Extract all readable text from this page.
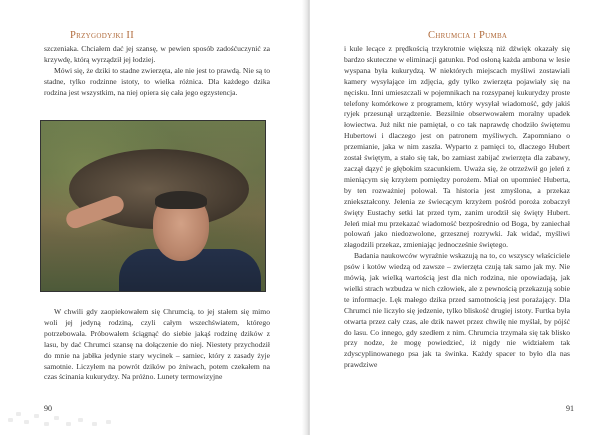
Przygodyjki II

szczeniaka. Chciałem dać jej szansę, w pewien sposób zadośćuczynić za krzywdę, którą wyrządził jej łodziej.

Mówi się, że dziki to stadne zwierzęta, ale nie jest to prawdą. Nie są to stadne, tylko rodzinne istoty, to wielka różnica. Dla każdego dzika rodzina jest wszystkim, na niej opiera się cała jego egzystencja.

W chwili gdy zaopiekowałem się Chrumcią, to jej stałem się mimo woli jej jedyną rodziną, czyli całym wszechświatem, którego potrzebowała. Próbowałem ściągnąć do siebie jakąś rodzinę dzików z lasu, by dać Chrumci szansę na dołączenie do niej. Niestety przychodził do mnie na jabłka jedynie stary wycinek – samiec, który z zasady żyje samotnie. Liczyłem na powrót dzików po żniwach, potem czekałem na czas ścinania kukurydzy. Na próżno. Lunety termowizyjne

90
Chrumcia i Pumba

i kule lecące z prędkością trzykrotnie większą niż dźwięk okazały się bardzo skuteczne w eliminacji gatunku. Pod osłoną każda ambona w lesie wyspana była kukurydzą. W niektórych miejscach myśliwi zostawiali kamery wysyłające im zdjęcia, gdy tylko zwierzęta pojawiały się na nęcisku. Inni umieszczali w pojemnikach na rozsypanej kukurydzy proste telefony komórkowe z programem, który wysyłał wiadomość, gdy jakiś ryjek przesunął urządzenie. Bezsilnie obserwowałem moralny upadek łowiectwa. Już nikt nie pamiętał, o co tak naprawdę chodziło świętemu Hubertowi i dlaczego jest on patronem myśliwych. Zapomniano o przemianie, jaka w nim zaszła. Wyparto z pamięci to, dlaczego Hubert został świętym, a stało się tak, bo zamiast zabijać zwierzęta dla zabawy, zaczął dązyć je głębokim szacunkiem. Uważa się, że otrzeźwił go jeleń z mieniącym się krzyżem pomiędzy porożem. Miał on upomnieć Huberta, by ten rozważniej polował. Ta historia jest zmyślona, a przekaz zniekształcony. Jelenia ze świecącym krzyżem pośród poroża zobaczył święty Eustachy setki lat przed tym, zanim urodził się święty Hubert. Jeleń miał mu przekazać wiadomość bezpośrednio od Boga, by zaniechał polowań jako niedozwolone, grzesznej rozrywki. Jak widać, myśliwi złagodzili przekaz, zmieniając jednocześnie świętego.

Badania naukowców wyraźnie wskazują na to, co wszyscy właściciele psów i kotów wiedzą od zawsze – zwierzęta czują tak samo jak my. Nie mówią, jak wielką wartością jest dla nich rodzina, nie opowiadają, jak wielki strach wzbudza w nich człowiek, ale z pewnością przekazują sobie te informacje. Lęk małego dzika przed samotnością jest porażający. Dla Chrumci nie liczyło się jedzenie, tylko bliskość drugiej istoty. Furtka była otwarta przez cały czas, ale dzik nawet przez chwilę nie myślał, by pójść do lasu. Co innego, gdy szedłem z nim. Chrumcia trzymała się tak blisko przy nodze, że mogę powiedzieć, iż nigdy nie widziałem tak zdyscyplinowanego psa jak ta świnka. Każdy spacer to było dla nas prawdziwe

91
